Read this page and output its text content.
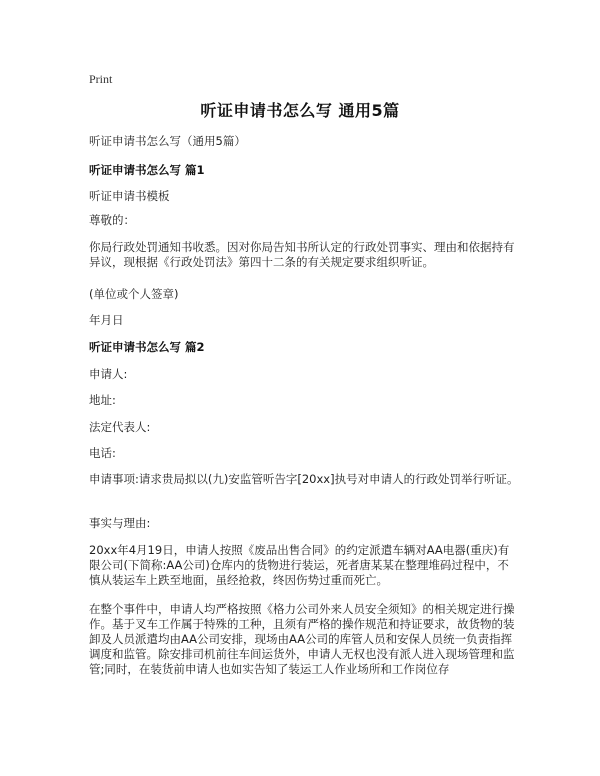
Print
听证申请书怎么写 通用5篇
听证申请书怎么写（通用5篇）
听证申请书怎么写 篇1
听证申请书模板
尊敬的：
你局行政处罚通知书收悉。因对你局告知书所认定的行政处罚事实、理由和依据持有异议，现根据《行政处罚法》第四十二条的有关规定要求组织听证。
(单位或个人签章)
年月日
听证申请书怎么写 篇2
申请人:
地址:
法定代表人:
电话:
申请事项:请求贵局拟以(九)安监管听告字[20xx]执号对申请人的行政处罚举行听证。
事实与理由:
20xx年4月19日，申请人按照《废品出售合同》的约定派遣车辆对AA电器(重庆)有限公司(下简称:AA公司)仓库内的货物进行装运，死者唐某某在整理堆码过程中，不慎从装运车上跌至地面，虽经抢救，终因伤势过重而死亡。
在整个事件中，申请人均严格按照《格力公司外来人员安全须知》的相关规定进行操作。基于叉车工作属于特殊的工种，且须有严格的操作规范和持证要求，故货物的装卸及人员派遣均由AA公司安排，现场由AA公司的库管人员和安保人员统一负责指挥调度和监管。除安排司机前往车间运货外，申请人无权也没有派人进入现场管理和监管;同时，在装货前申请人也如实告知了装运工人作业场所和工作岗位存
